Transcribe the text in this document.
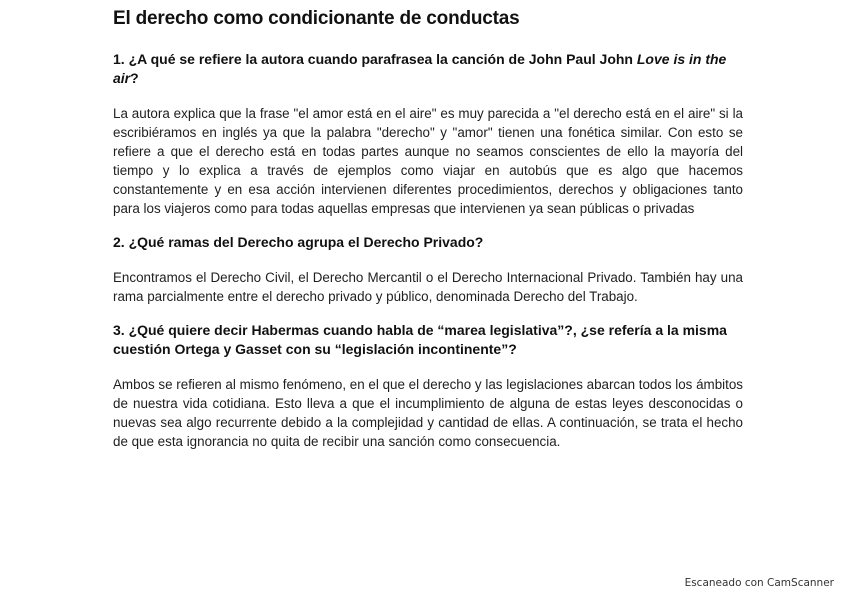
El derecho como condicionante de conductas
1. ¿A qué se refiere la autora cuando parafrasea la canción de John Paul John Love is in the air?

La autora explica que la frase "el amor está en el aire" es muy parecida a "el derecho está en el aire" si la escribiéramos en inglés ya que la palabra "derecho" y "amor" tienen una fonética similar. Con esto se refiere a que el derecho está en todas partes aunque no seamos conscientes de ello la mayoría del tiempo y lo explica a través de ejemplos como viajar en autobús que es algo que hacemos constantemente y en esa acción intervienen diferentes procedimientos, derechos y obligaciones tanto para los viajeros como para todas aquellas empresas que intervienen ya sean públicas o privadas

2. ¿Qué ramas del Derecho agrupa el Derecho Privado?

Encontramos el Derecho Civil, el Derecho Mercantil o el Derecho Internacional Privado. También hay una rama parcialmente entre el derecho privado y público, denominada Derecho del Trabajo.

3. ¿Qué quiere decir Habermas cuando habla de “marea legislativa”?, ¿se refería a la misma cuestión Ortega y Gasset con su “legislación incontinente”?

Ambos se refieren al mismo fenómeno, en el que el derecho y las legislaciones abarcan todos los ámbitos de nuestra vida cotidiana. Esto lleva a que el incumplimiento de alguna de estas leyes desconocidas o nuevas sea algo recurrente debido a la complejidad y cantidad de ellas. A continuación, se trata el hecho de que esta ignorancia no quita de recibir una sanción como consecuencia.

Escaneado con CamScanner
